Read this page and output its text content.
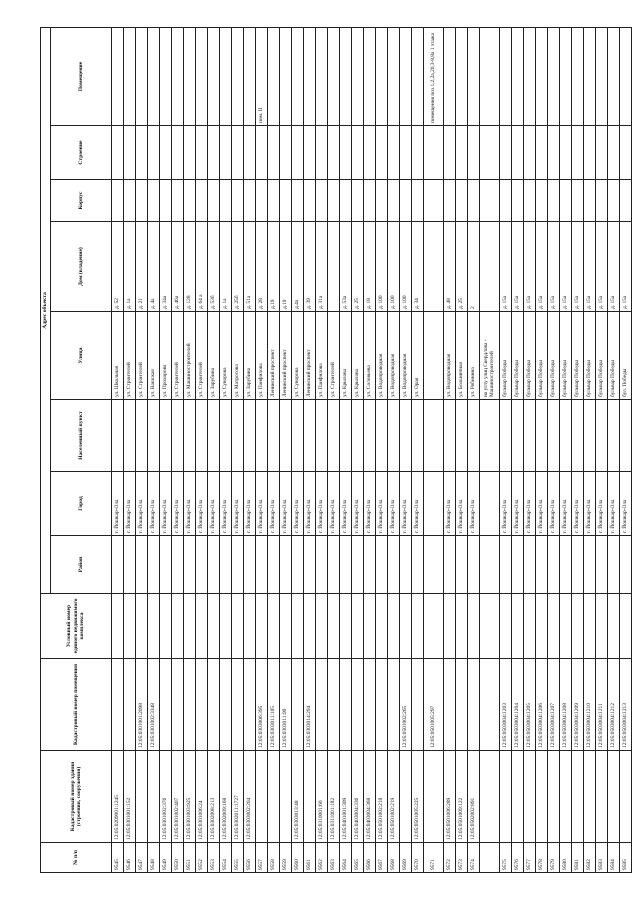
№ п/п	Кадастровый номер здания (строения, сооружения)	Кадастровый номер помещения	Условный номер единого недвижимого комплекса	Адрес объекта							
				Район	Город	Населенный пункт	Улица	Дом (владение)	Корпус	Строение	Помещение
9545	12:05:0209001:1245				г. Йошкар-Ола		ул. Школьная	д. 52			
9546	12:05:0301001:152				г. Йошкар-Ола		ул. Строителей	д. 1а			
9547		12:05:0301001:2098			г. Йошкар-Ола		ул. Строителей	д. 21			
9548		12:05:0301002:3348			г. Йошкар-Ола		ул. Вашская	д. 4а			
9549	12:05:0301002:376				г. Йошкар-Ола		ул. Прохорова	д. 34а			
9550	12:05:0301002:407				г. Йошкар-Ола		ул. Строителей	д. 46а			
9551	12:05:0301003:925				г. Йошкар-Ола		ул. Машиностроителей	д. 128			
9552	12:05:0301006:24				г. Йошкар-Ола		ул. Строителей	д. 64 а			
9553	12:05:0302008:213				г. Йошкар-Ола		ул. Зарубина	д. 53б			
9554	12:05:0302009:168				г. Йошкар-Ола		ул. Суворова	д. 1а			
9555	12:05:0302011:1727				г. Йошкар-Ола		ул. Матросова	д. 25б			
9556	12:05:0303002:204				г. Йошкар-Ола		ул. Зарубина	д. 51а			
9557		12:05:0303006:395			г. Йошкар-Ола		ул. Панфилова	д. 28			пом. II
9558		12:05:0303011:105			г. Йошкар-Ола		Ленинский проспект	д.19			
9559		12:05:0303011:99			г. Йошкар-Ола		Ленинский проспект	д.19			
9560	12:05:0303013:48				г. Йошкар-Ола		ул. Суворова	д.4а			
9561		12:05:0303014:294			г. Йошкар-Ола		Ленинский проспект	д. 39			
9562	12:05:0310001:60				г. Йошкар-Ола		ул. Панфилова	д. 31а			
9563	12:05:0311001:182				г. Йошкар-Ола		ул. Строителей				
9564	12:05:0401001:309				г. Йошкар-Ола		ул. Крылова	д. 53а			
9565	12:05:0403004:336				г. Йошкар-Ола		ул. Крылова	д. 25			
9566	12:05:0403004:368				г. Йошкар-Ола		ул. Соловьева	д. 18			
9567	12:05:0501002:218				г. Йошкар-Ола		ул. Водопроводная	д. 100			
9568	12:05:0501002:219				г. Йошкар-Ола		ул. Водопроводная	д. 100			
9569		12:05:0501002:265			г. Йошкар-Ола		ул. Водопроводная	д. 100			
9570	12:05:0501005:225				г. Йошкар-Ола		ул. Орая	д. 34			
9571		12:05:0501005:297									помещения поз.1,2,2а,20,3-8,8а 1 этажа
9572	12:05:0501006:289				г. Йошкар-Ола		ул. Водопроводная	д. 48			
9573	12:05:0501009:122				г. Йошкар-Ола		ул. Больничная	д. 25			
9574	12:05:0502002:891				г. Йошкар-Ола		ул. Рябинина	2			
							на углу улиц Свердлова - Машиностроителей				
9575		12:05:0503004:1203			г. Йошкар-Ола		бульвар Победы	д. 15а			
9576		12:05:0503004:1204			г. Йошкар-Ола		бульвар Победы	д. 15а			
9577		12:05:0503004:1205			г. Йошкар-Ола		бульвар Победы	д. 15а			
9578		12:05:0503004:1206			г. Йошкар-Ола		бульвар Победы	д. 15а			
9579		12:05:0503004:1207			г. Йошкар-Ола		бульвар Победы	д. 15а			
9580		12:05:0503004:1208			г. Йошкар-Ола		бульвар Победы	д. 15а			
9581		12:05:0503004:1209			г. Йошкар-Ола		бульвар Победы	д. 15а			
9582		12:05:0503004:1210			г. Йошкар-Ола		бульвар Победы	д. 15а			
9583		12:05:0503004:1211			г. Йошкар-Ола		бульвар Победы	д. 15а			
9584		12:05:0503004:1212			г. Йошкар-Ола		бульвар Победы	д. 15а			
9585		12:05:0503004:1213			г. Йошкар-Ола		бул. Победы	д. 15а			
